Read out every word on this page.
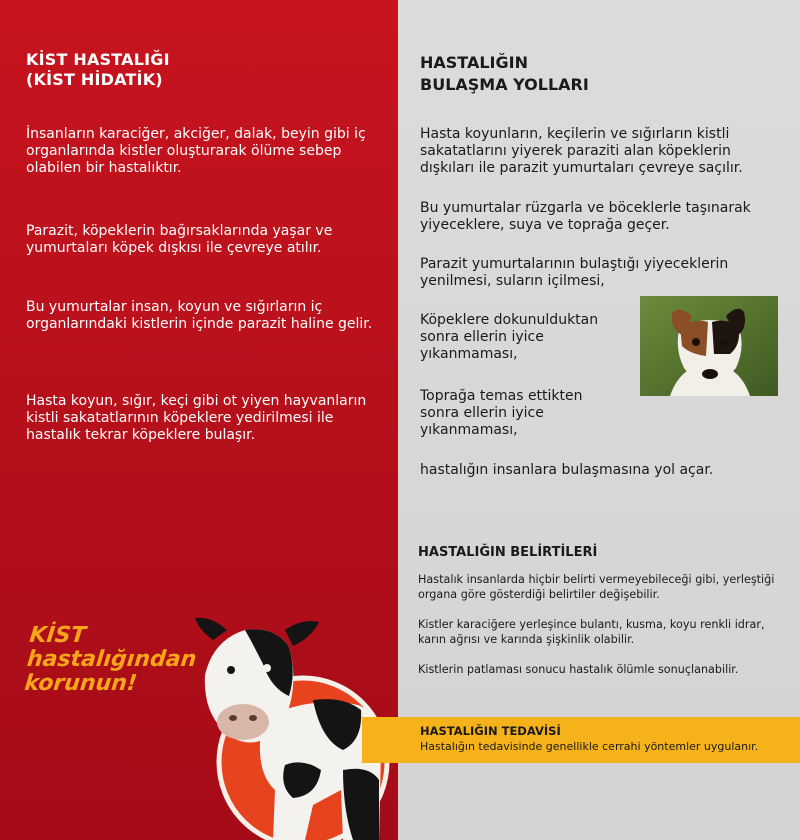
KİST HASTALIĞI
(KİST HİDATİK)

İnsanların karaciğer, akciğer, dalak, beyin gibi iç organlarında kistler oluşturarak ölüme sebep olabilen bir hastalıktır.

Parazit, köpeklerin bağırsaklarında yaşar ve yumurtaları köpek dışkısı ile çevreye atılır.

Bu yumurtalar insan, koyun ve sığırların iç organlarındaki kistlerin içinde parazit haline gelir.

Hasta koyun, sığır, keçi gibi ot yiyen hayvanların kistli sakatatlarının köpeklere yedirilmesi ile hastalık tekrar köpeklere bulaşır.

KİST
hastalığından
korunun!

HASTALIĞIN
BULAŞMA YOLLARI

Hasta koyunların, keçilerin ve sığırların kistli sakatatlarını yiyerek paraziti alan köpeklerin dışkıları ile parazit yumurtaları çevreye saçılır.

Bu yumurtalar rüzgarla ve böceklerle taşınarak yiyeceklere, suya ve toprağa geçer.

Parazit yumurtalarının bulaştığı yiyeceklerin yenilmesi, suların içilmesi,

Köpeklere dokunulduktan sonra ellerin iyice yıkanmaması,

Toprağa temas ettikten sonra ellerin iyice yıkanmaması,

hastalığın insanlara bulaşmasına yol açar.

HASTALIĞIN BELİRTİLERİ

Hastalık insanlarda hiçbir belirti vermeyebileceği gibi, yerleştiği organa göre gösterdiği belirtiler değişebilir.

Kistler karaciğere yerleşince bulantı, kusma, koyu renkli idrar, karın ağrısı ve karında şişkinlik olabilir.

Kistlerin patlaması sonucu hastalık ölümle sonuçlanabilir.

HASTALIĞIN TEDAVİSİ

Hastalığın tedavisinde genellikle cerrahi yöntemler uygulanır.
